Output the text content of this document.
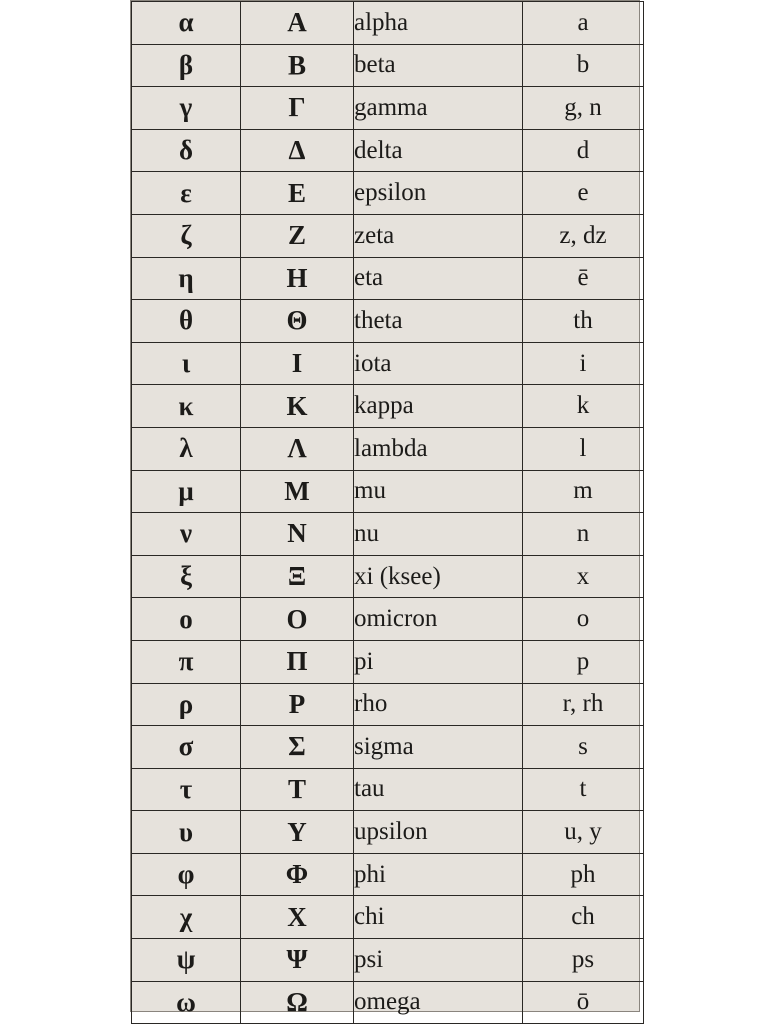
α	Α	alpha	a
β	Β	beta	b
γ	Γ	gamma	g, n
δ	Δ	delta	d
ε	Ε	epsilon	e
ζ	Ζ	zeta	z, dz
η	Η	eta	ē
θ	Θ	theta	th
ι	Ι	iota	i
κ	Κ	kappa	k
λ	Λ	lambda	l
μ	Μ	mu	m
ν	Ν	nu	n
ξ	Ξ	xi (ksee)	x
ο	Ο	omicron	o
π	Π	pi	p
ρ	Ρ	rho	r, rh
σ	Σ	sigma	s
τ	Τ	tau	t
υ	Υ	upsilon	u, y
φ	Φ	phi	ph
χ	Χ	chi	ch
ψ	Ψ	psi	ps
ω	Ω	omega	ō
